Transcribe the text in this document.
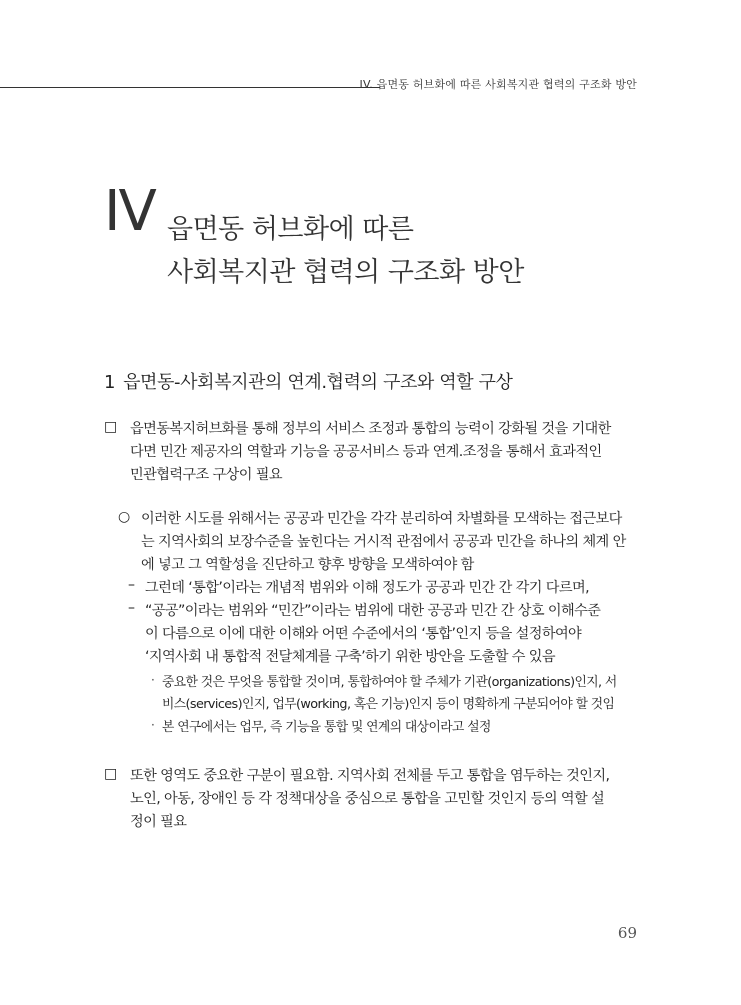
IV. 읍면동 허브화에 따른 사회복지관 협력의 구조화 방안
IV 읍면동 허브화에 따른
사회복지관 협력의 구조화 방안
1 읍면동-사회복지관의 연계.협력의 구조와 역할 구상
□ 읍면동복지허브화를 통해 정부의 서비스 조정과 통합의 능력이 강화될 것을 기대한
다면 민간 제공자의 역할과 기능을 공공서비스 등과 연계.조정을 통해서 효과적인
민관협력구조 구상이 필요
○ 이러한 시도를 위해서는 공공과 민간을 각각 분리하여 차별화를 모색하는 접근보다
는 지역사회의 보장수준을 높힌다는 거시적 관점에서 공공과 민간을 하나의 체계 안
에 넣고 그 역할성을 진단하고 향후 방향을 모색하여야 함
– 그런데 ‘통합’이라는 개념적 범위와 이해 정도가 공공과 민간 간 각기 다르며,
– “공공”이라는 범위와 “민간”이라는 범위에 대한 공공과 민간 간 상호 이해수준
이 다름으로 이에 대한 이해와 어떤 수준에서의 ‘통합’인지 등을 설정하여야
‘지역사회 내 통합적 전달체계를 구축’하기 위한 방안을 도출할 수 있음
· 중요한 것은 무엇을 통합할 것이며, 통합하여야 할 주체가 기관(organizations)인지, 서
비스(services)인지, 업무(working, 혹은 기능)인지 등이 명확하게 구분되어야 할 것임
· 본 연구에서는 업무, 즉 기능을 통합 및 연계의 대상이라고 설정
□ 또한 영역도 중요한 구분이 필요함. 지역사회 전체를 두고 통합을 염두하는 것인지,
노인, 아동, 장애인 등 각 정책대상을 중심으로 통합을 고민할 것인지 등의 역할 설
정이 필요
69
